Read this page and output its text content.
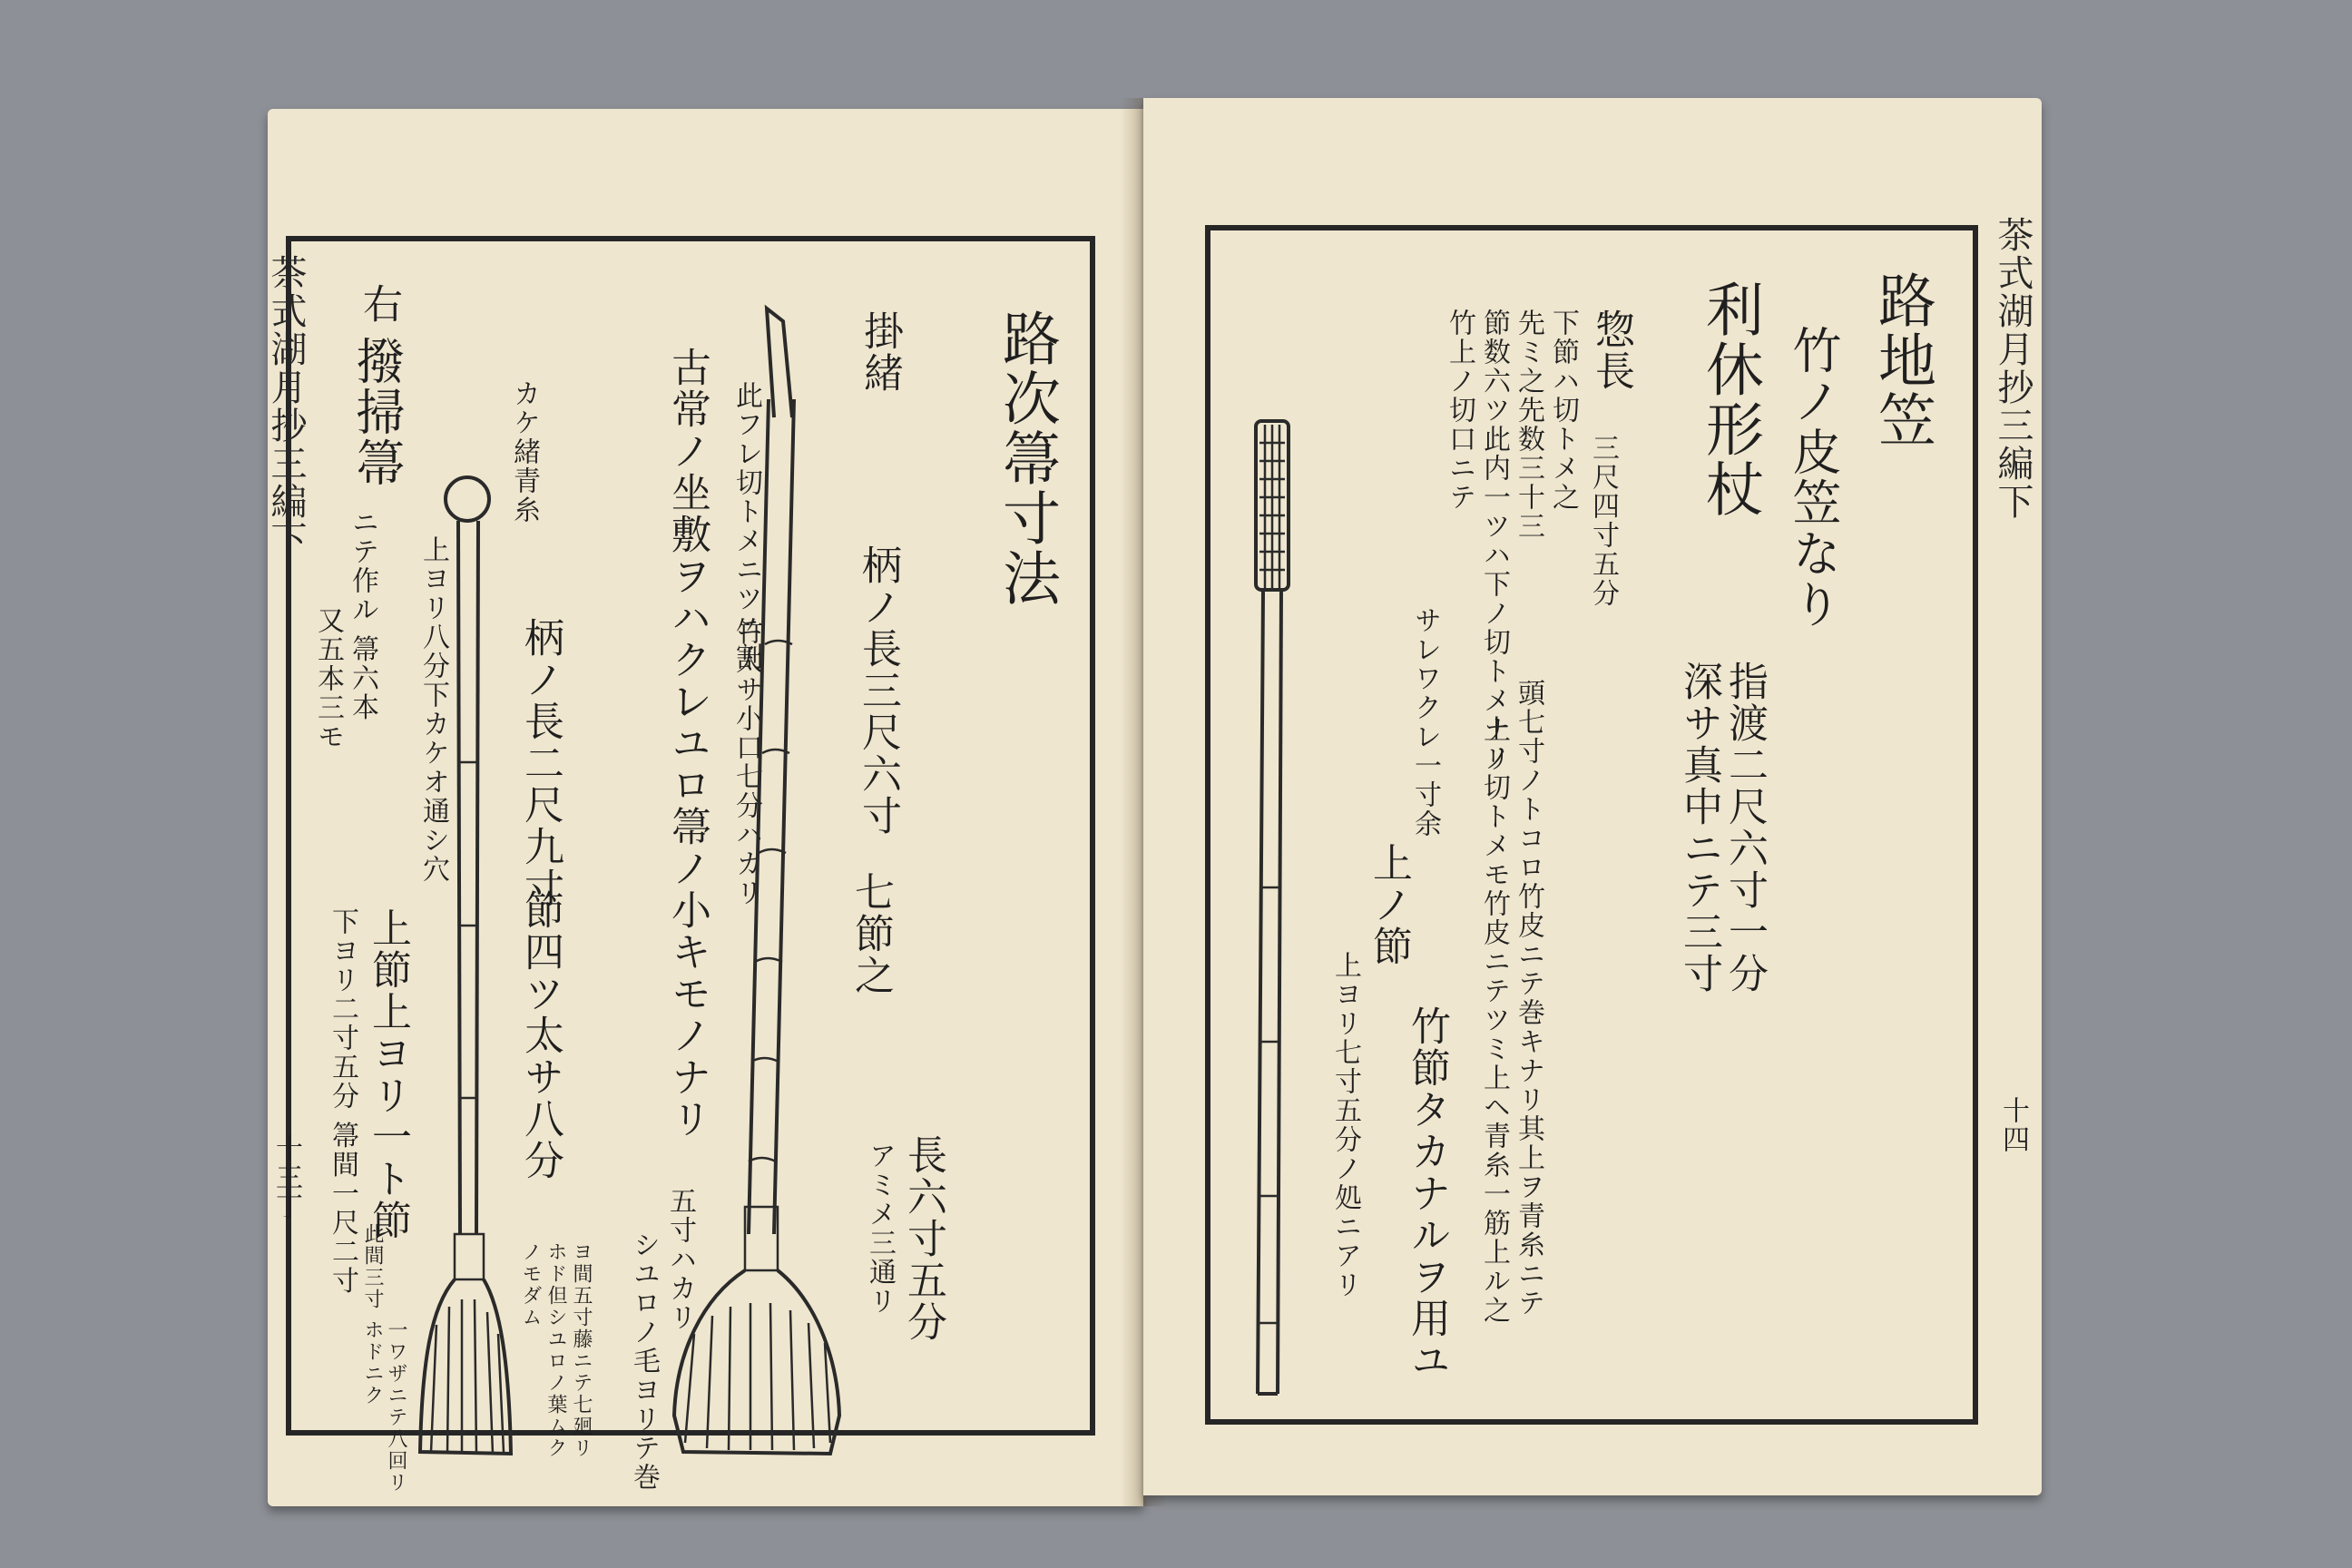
茶式湖月抄三編下
十三丁
路次箒寸法
掛緒
柄ノ長三尺六寸
七節之
此フレ切トメニツニ割
竹太サ小口七分ハカリ
古常ノ坐敷ヲハク㆑ユロ箒ノ小キモノナリ
長六寸五分
アミメ三通リ
五寸ハカリ
シユロノ毛ヨリテ巻
右
撥掃箒
ニテ作ル 箒六本
又五本三モ
カケ緒青糸
上ヨリ八分下カケオ通シ穴 柄ノ長二尺九寸
節四ツ太サ八分
上節上ヨリ一ト節
下ヨリ二寸五分 箒間一尺二寸 此間三寸	ヨ間五寸藤ニテ七廻リ
ホド但シユロノ葉ムク
ノモダム
一ワザニテ八回リ
ホドニク
茶式湖月抄三編下
十四
路地笠
竹ノ皮笠なり
指渡二尺六寸一分
深サ真中ニテ三寸
利休形杖
惣長
三尺四寸五分
下節ハ切トメ之
先ミ之先数三十三
節数六ツ此内一ツハ下ノ切トメナリ
竹上ノ切口ニテ
サレワクレ一寸余	頭七寸ノトコロ竹皮ニテ巻キナリ其上ヲ青糸ニテ
上ノ切トメモ竹皮ニテツミ上ヘ青糸一筋上ル之
上ノ節
上ヨリ七寸五分ノ処ニアリ 竹節タカナルヲ用ユ
